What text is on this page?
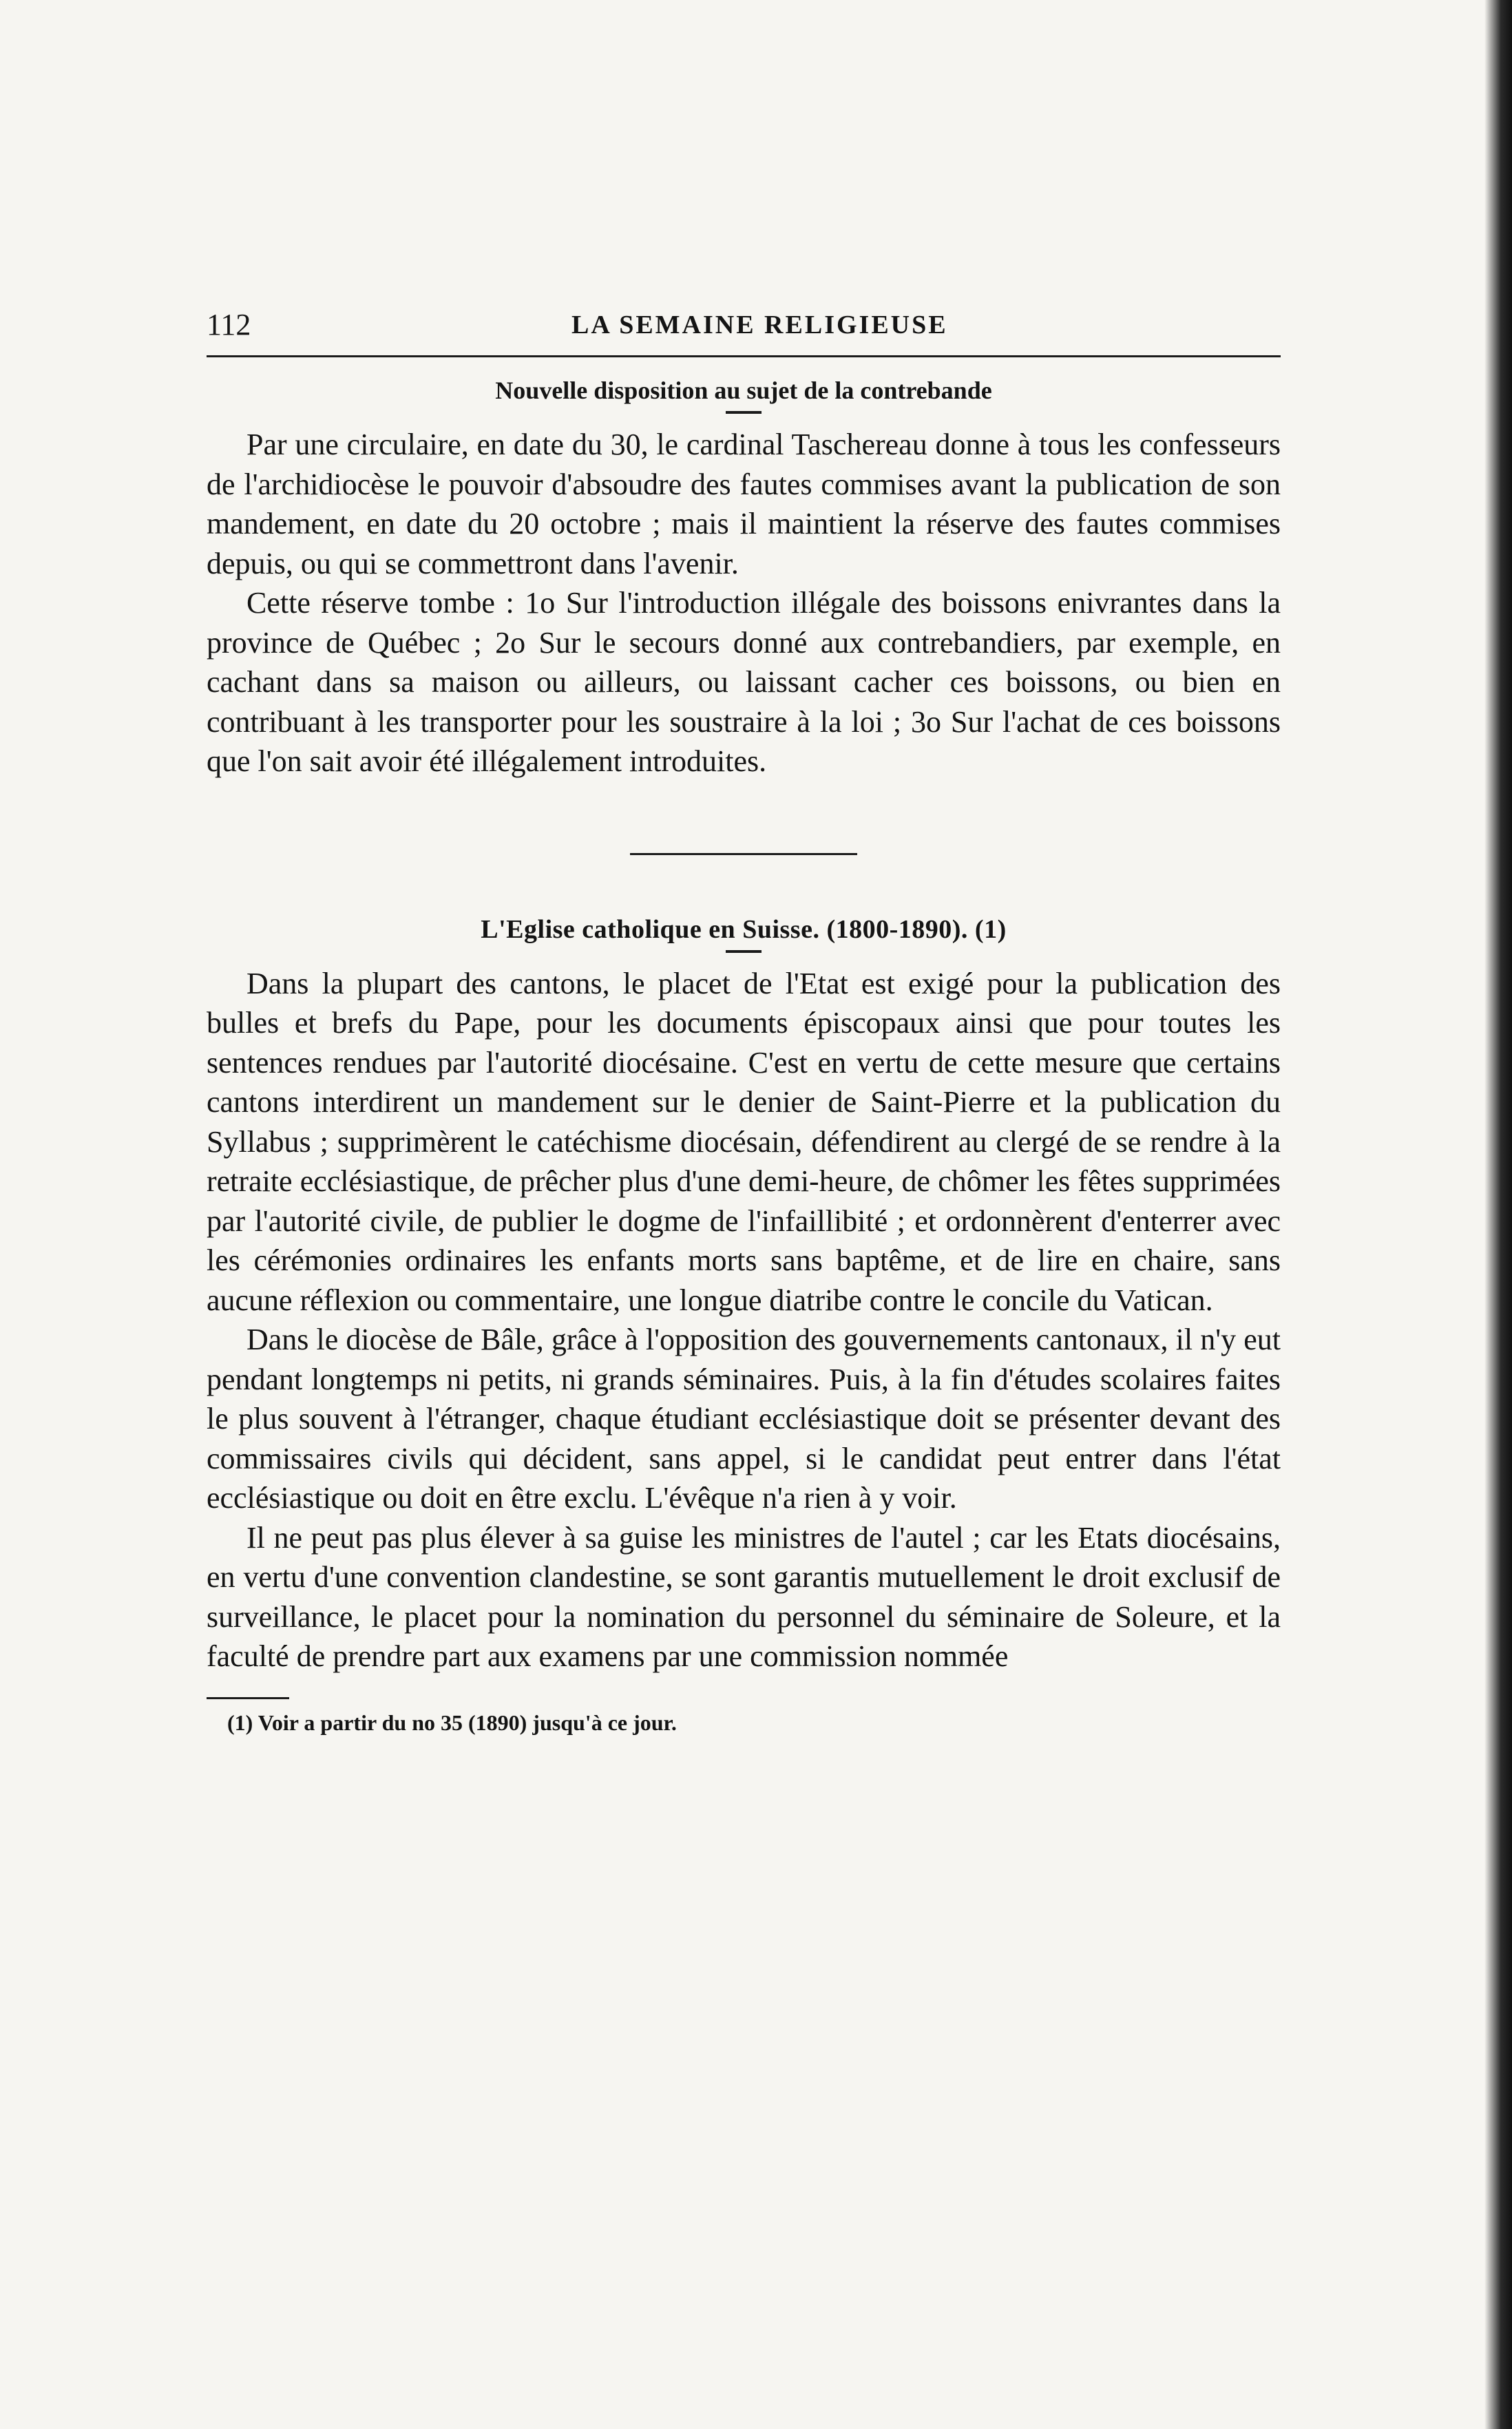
112	LA SEMAINE RELIGIEUSE
Nouvelle disposition au sujet de la contrebande

Par une circulaire, en date du 30, le cardinal Taschereau donne à tous les confesseurs de l'archidiocèse le pouvoir d'absoudre des fautes commises avant la publication de son mandement, en date du 20 octobre ; mais il maintient la réserve des fautes commises depuis, ou qui se commettront dans l'avenir.

Cette réserve tombe : 1o Sur l'introduction illégale des boissons enivrantes dans la province de Québec ; 2o Sur le secours donné aux contrebandiers, par exemple, en cachant dans sa maison ou ailleurs, ou laissant cacher ces boissons, ou bien en contribuant à les transporter pour les soustraire à la loi ; 3o Sur l'achat de ces boissons que l'on sait avoir été illégalement introduites.

L'Eglise catholique en Suisse. (1800-1890). (1)

Dans la plupart des cantons, le placet de l'Etat est exigé pour la publication des bulles et brefs du Pape, pour les documents épiscopaux ainsi que pour toutes les sentences rendues par l'autorité diocésaine. C'est en vertu de cette mesure que certains cantons interdirent un mandement sur le denier de Saint-Pierre et la publication du Syllabus ; supprimèrent le catéchisme diocésain, défendirent au clergé de se rendre à la retraite ecclésiastique, de prêcher plus d'une demi-heure, de chômer les fêtes supprimées par l'autorité civile, de publier le dogme de l'infaillibité ; et ordonnèrent d'enterrer avec les cérémonies ordinaires les enfants morts sans baptême, et de lire en chaire, sans aucune réflexion ou commentaire, une longue diatribe contre le concile du Vatican.

Dans le diocèse de Bâle, grâce à l'opposition des gouvernements cantonaux, il n'y eut pendant longtemps ni petits, ni grands séminaires. Puis, à la fin d'études scolaires faites le plus souvent à l'étranger, chaque étudiant ecclésiastique doit se présenter devant des commissaires civils qui décident, sans appel, si le candidat peut entrer dans l'état ecclésiastique ou doit en être exclu. L'évêque n'a rien à y voir.

Il ne peut pas plus élever à sa guise les ministres de l'autel ; car les Etats diocésains, en vertu d'une convention clandestine, se sont garantis mutuellement le droit exclusif de surveillance, le placet pour la nomination du personnel du séminaire de Soleure, et la faculté de prendre part aux examens par une commission nommée

(1) Voir a partir du no 35 (1890) jusqu'à ce jour.
